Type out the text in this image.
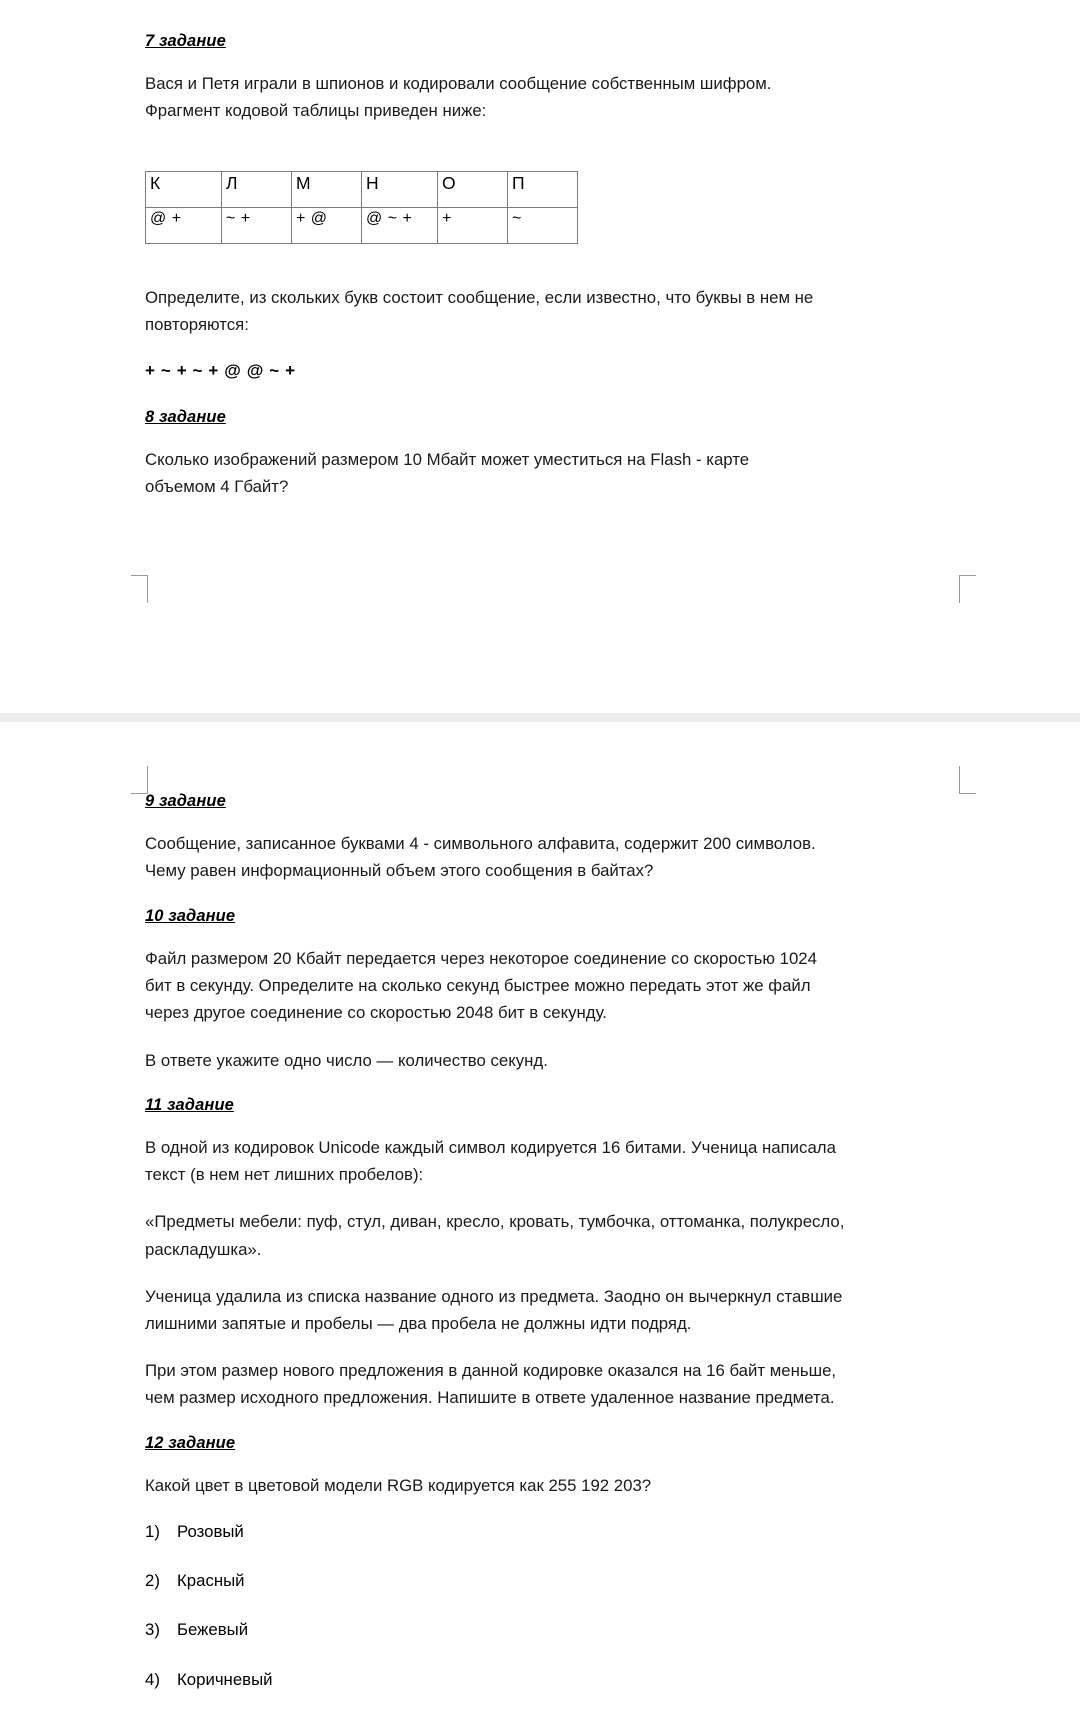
7 задание

Вася и Петя играли в шпионов и кодировали сообщение собственным шифром.
Фрагмент кодовой таблицы приведен ниже:

К	Л	М	Н	О	П
@ +	~ +	+ @	@ ~ +	+	~

Определите, из скольких букв состоит сообщение, если известно, что буквы в нем не
повторяются:

+ ~ + ~ + @ @ ~ +

8 задание

Сколько изображений размером 10 Мбайт может уместиться на Flash - карте
объемом 4 Гбайт?

9 задание

Сообщение, записанное буквами 4 - символьного алфавита, содержит 200 символов.
Чему равен информационный объем этого сообщения в байтах?

10 задание

Файл размером 20 Кбайт передается через некоторое соединение со скоростью 1024
бит в секунду. Определите на сколько секунд быстрее можно передать этот же файл
через другое соединение со скоростью 2048 бит в секунду.

В ответе укажите одно число — количество секунд.

11 задание

В одной из кодировок Unicode каждый символ кодируется 16 битами. Ученица написала
текст (в нем нет лишних пробелов):

«Предметы мебели: пуф, стул, диван, кресло, кровать, тумбочка, оттоманка, полукресло,
раскладушка».

Ученица удалила из списка название одного из предмета. Заодно он вычеркнул ставшие
лишними запятые и пробелы — два пробела не должны идти подряд.

При этом размер нового предложения в данной кодировке оказался на 16 байт меньше,
чем размер исходного предложения. Напишите в ответе удаленное название предмета.

12 задание

Какой цвет в цветовой модели RGB кодируется как 255 192 203?

1)	Розовый
2)	Красный
3)	Бежевый
4)	Коричневый
